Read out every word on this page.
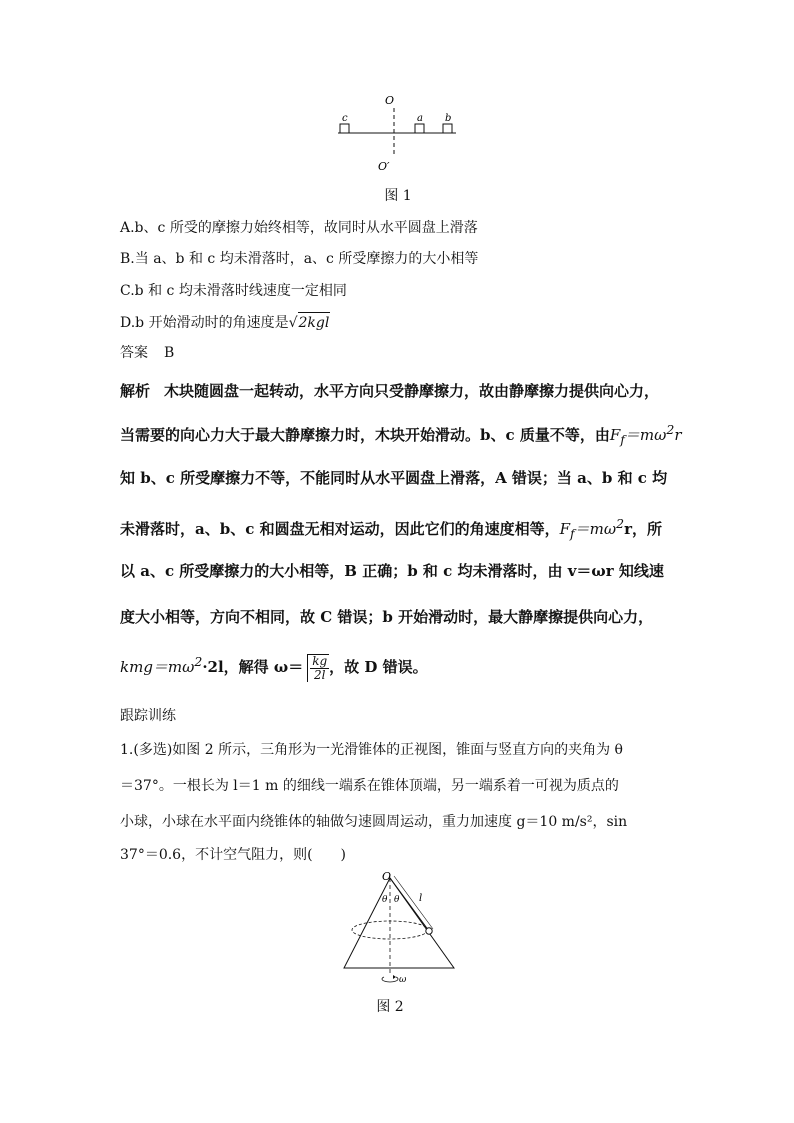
O
c	a b
O′
图 1
A.b、c 所受的摩擦力始终相等，故同时从水平圆盘上滑落
B.当 a、b 和 c 均未滑落时，a、c 所受摩擦力的大小相等
C.b 和 c 均未滑落时线速度一定相同
D.b 开始滑动时的角速度是√2kgl
答案 B
解析 木块随圆盘一起转动，水平方向只受静摩擦力，故由静摩擦力提供向心力，
当需要的向心力大于最大静摩擦力时，木块开始滑动。b、c 质量不等，由$F_f=m\omega^2r$
知 b、c 所受摩擦力不等，不能同时从水平圆盘上滑落，A 错误；当 a、b 和 c 均
未滑落时，a、b、c 和圆盘无相对运动，因此它们的角速度相等，$F_f=m\omega^2r$，所
以 a、c 所受摩擦力的大小相等，B 正确；b 和 c 均未滑落时，由 v＝ωr 知线速
度大小相等，方向不相同，故 C 错误；b 开始滑动时，最大静摩擦提供向心力，
$kmg=m\omega^2\cdot 2l$，解得 $\omega= \frac{kg}{2l}$ ，故 D 错误。
跟踪训练
1.(多选)如图 2 所示，三角形为一光滑锥体的正视图，锥面与竖直方向的夹角为 θ
＝37°。一根长为 l＝1 m 的细线一端系在锥体顶端，另一端系着一可视为质点的
小球，小球在水平面内绕锥体的轴做匀速圆周运动，重力加速度 g＝10 m/s²，sin
37°＝0.6，不计空气阻力，则(　　)
O
θ θ l
ω
图 2
